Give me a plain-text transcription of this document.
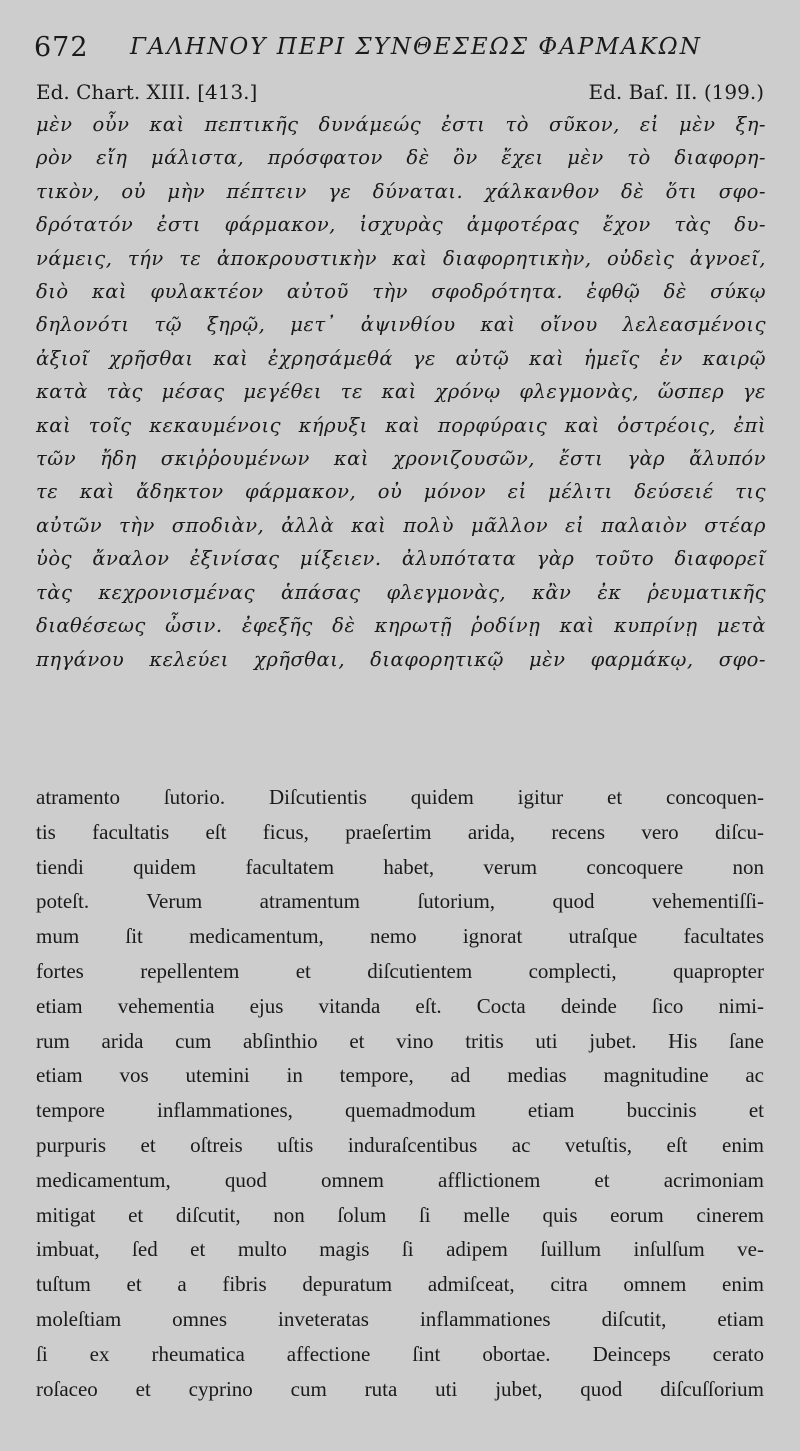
672 ΓΑΛΗΝΟΥ ΠΕΡΙ ΣΥΝΘΕΣΕΩΣ ΦΑΡΜΑΚΩΝ
Ed. Chart. XIII. [413.]	Ed. Baſ. II. (199.)
μὲν οὖν καὶ πεπτικῆς δυνάμεώς ἐστι τὸ σῦκον, εἰ μὲν ξη-
ρὸν εἴη μάλιστα, πρόσφατον δὲ ὂν ἔχει μὲν τὸ διαφορη-
τικὸν, οὐ μὴν πέπτειν γε δύναται. χάλκανθον δὲ ὅτι σφο-
δρότατόν ἐστι φάρμακον, ἰσχυρὰς ἀμφοτέρας ἔχον τὰς δυ-
νάμεις, τήν τε ἀποκρουστικὴν καὶ διαφορητικὴν, οὐδεὶς ἀγνοεῖ,
διὸ καὶ φυλακτέον αὐτοῦ τὴν σφοδρότητα. ἑφθῷ δὲ σύκῳ
δηλονότι τῷ ξηρῷ, μετ᾽ ἀψινθίου καὶ οἴνου λελεασμένοις
ἀξιοῖ χρῆσθαι καὶ ἐχρησάμεθά γε αὐτῷ καὶ ἡμεῖς ἐν καιρῷ
κατὰ τὰς μέσας μεγέθει τε καὶ χρόνῳ φλεγμονὰς, ὥσπερ γε
καὶ τοῖς κεκαυμένοις κήρυξι καὶ πορφύραις καὶ ὀστρέοις, ἐπὶ
τῶν ἤδη σκιῤῥουμένων καὶ χρονιζουσῶν, ἔστι γὰρ ἄλυπόν
τε καὶ ἄδηκτον φάρμακον, οὐ μόνον εἰ μέλιτι δεύσειέ τις
αὐτῶν τὴν σποδιὰν, ἀλλὰ καὶ πολὺ μᾶλλον εἰ παλαιὸν στέαρ
ὑὸς ἄναλον ἐξινίσας μίξειεν. ἀλυπότατα γὰρ τοῦτο διαφορεῖ
τὰς κεχρονισμένας ἁπάσας φλεγμονὰς, κἂν ἐκ ῥευματικῆς
διαθέσεως ὦσιν. ἐφεξῆς δὲ κηρωτῇ ῥοδίνῃ καὶ κυπρίνῃ μετὰ
πηγάνου κελεύει χρῆσθαι, διαφορητικῷ μὲν φαρμάκῳ, σφο-
atramento ſutorio. Diſcutientis quidem igitur et concoquen-
tis facultatis eſt ficus, praeſertim arida, recens vero diſcu-
tiendi quidem facultatem habet, verum concoquere non
poteſt. Verum atramentum ſutorium, quod vehementiſſi-
mum ſit medicamentum, nemo ignorat utraſque facultates
fortes repellentem et diſcutientem complecti, quapropter
etiam vehementia ejus vitanda eſt. Cocta deinde ſico nimi-
rum arida cum abſinthio et vino tritis uti jubet. His ſane
etiam vos utemini in tempore, ad medias magnitudine ac
tempore inflammationes, quemadmodum etiam buccinis et
purpuris et oſtreis uſtis induraſcentibus ac vetuſtis, eſt enim
medicamentum, quod omnem afflictionem et acrimoniam
mitigat et diſcutit, non ſolum ſi melle quis eorum cinerem
imbuat, ſed et multo magis ſi adipem ſuillum inſulſum ve-
tuſtum et a fibris depuratum admiſceat, citra omnem enim
moleſtiam omnes inveteratas inflammationes diſcutit, etiam
ſi ex rheumatica affectione ſint obortae. Deinceps cerato
roſaceo et cyprino cum ruta uti jubet, quod diſcuſſorium
